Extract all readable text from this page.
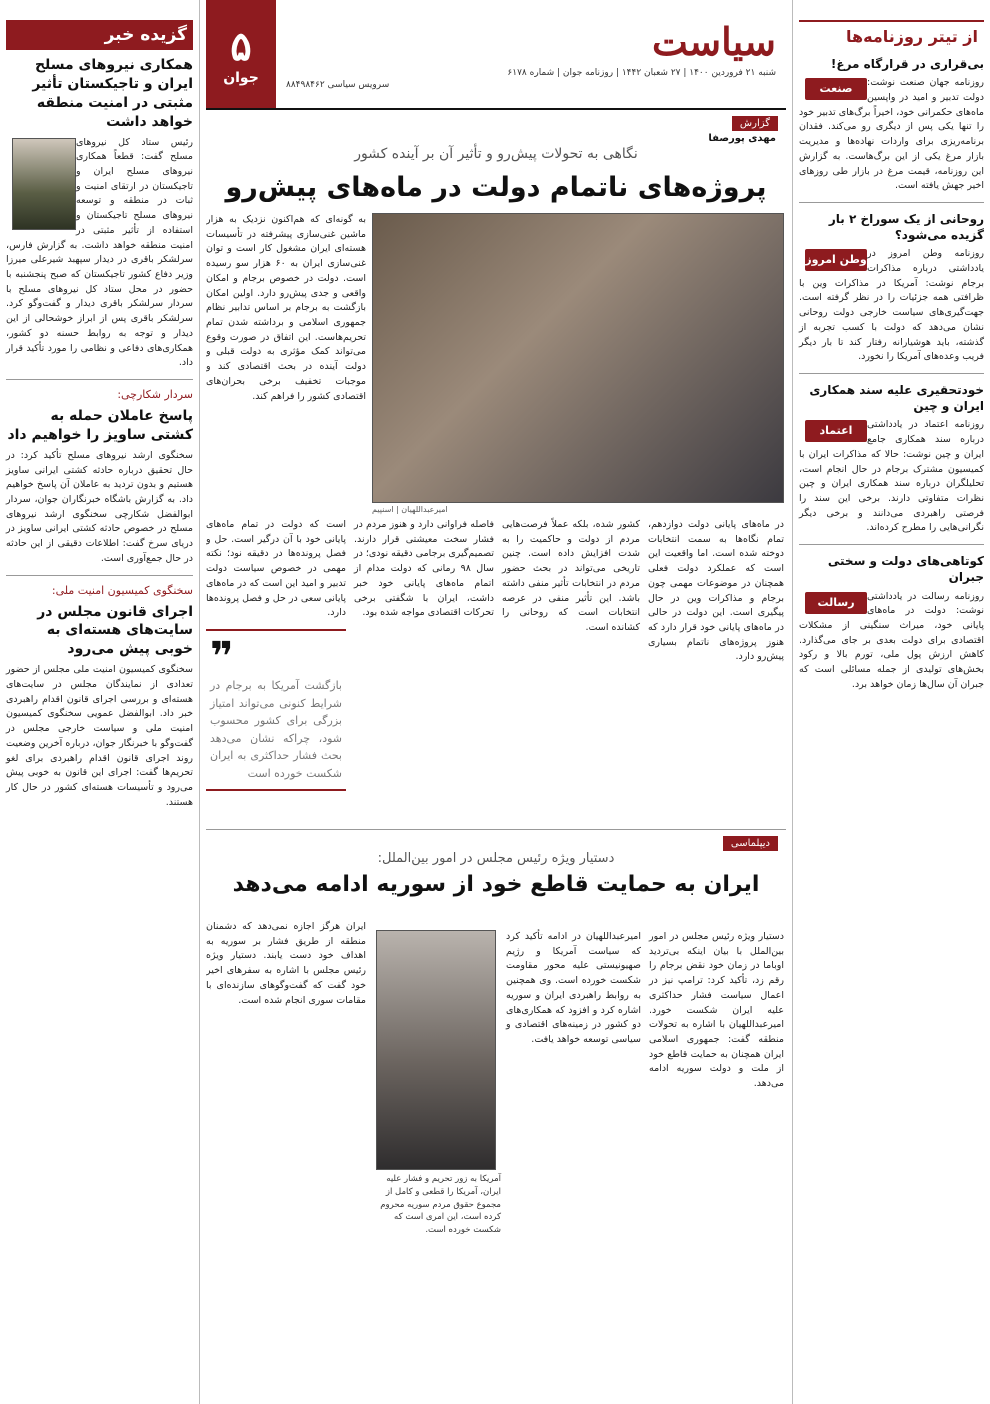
گزیده خبر
همکاری نیروهای مسلح ایران و تاجیکستان تأثیر مثبتی در امنیت منطقه خواهد داشت
رئیس ستاد کل نیروهای مسلح گفت: قطعاً همکاری نیروهای مسلح ایران و تاجیکستان در ارتقای امنیت و ثبات در منطقه و توسعه نیروهای مسلح تاجیکستان و استفاده از تأثیر مثبتی در امنیت منطقه خواهد داشت. به گزارش فارس، سرلشکر باقری در دیدار سپهبد شیرعلی میرزا وزیر دفاع کشور تاجیکستان که صبح پنجشنبه با حضور در محل ستاد کل نیروهای مسلح با سردار سرلشکر باقری دیدار و گفت‌وگو کرد. سرلشکر باقری پس از ابراز خوشحالی از این دیدار و توجه به روابط حسنه دو کشور، همکاری‌های دفاعی و نظامی را مورد تأکید قرار داد.
سردار شکارچی:
پاسخ عاملان حمله به کشتی ساویز را خواهیم داد
سخنگوی ارشد نیروهای مسلح تأکید کرد: در حال تحقیق درباره حادثه کشتی ایرانی ساویز هستیم و بدون تردید به عاملان آن پاسخ خواهیم داد. به گزارش باشگاه خبرنگاران جوان، سردار ابوالفضل شکارچی سخنگوی ارشد نیروهای مسلح در خصوص حادثه کشتی ایرانی ساویز در دریای سرخ گفت: اطلاعات دقیقی از این حادثه در حال جمع‌آوری است.
سخنگوی کمیسیون امنیت ملی:
اجرای قانون مجلس در سایت‌های هسته‌ای به خوبی پیش می‌رود
سخنگوی کمیسیون امنیت ملی مجلس از حضور تعدادی از نمایندگان مجلس در سایت‌های هسته‌ای و بررسی اجرای قانون اقدام راهبردی خبر داد. ابوالفضل عمویی سخنگوی کمیسیون امنیت ملی و سیاست خارجی مجلس در گفت‌وگو با خبرنگار جوان، درباره آخرین وضعیت روند اجرای قانون اقدام راهبردی برای لغو تحریم‌ها گفت: اجرای این قانون به خوبی پیش می‌رود و تأسیسات هسته‌ای کشور در حال کار هستند.
سیاست
شنبه ۲۱ فروردین ۱۴۰۰ | ۲۷ شعبان ۱۴۴۲ | روزنامه جوان | شماره ۶۱۷۸
سرویس سیاسی ۸۸۴۹۸۴۶۲
۵
جوان
گزارش
مهدی پورصفا
نگاهی به تحولات پیش‌رو و تأثیر آن بر آینده کشور
پروژه‌های ناتمام دولت در ماه‌های پیش‌رو
امیرعبداللهیان | اسنپیم
به گونه‌ای که هم‌اکنون نزدیک به هزار ماشین غنی‌سازی پیشرفته در تأسیسات هسته‌ای ایران مشغول کار است و توان غنی‌سازی ایران به ۶۰ هزار سو رسیده است. دولت در خصوص برجام و امکان واقعی و جدی پیش‌رو دارد. اولین امکان بازگشت به برجام بر اساس تدابیر نظام جمهوری اسلامی و برداشته شدن تمام تحریم‌هاست. این اتفاق در صورت وقوع می‌تواند کمک مؤثری به دولت قبلی و دولت آینده در بحث اقتصادی کند و موجبات تخفیف برخی بحران‌های اقتصادی کشور را فراهم کند.
در ماه‌های پایانی دولت دوازدهم، تمام نگاه‌ها به سمت انتخابات دوخته شده است. اما واقعیت این است که عملکرد دولت فعلی همچنان در موضوعات مهمی چون برجام و مذاکرات وین در حال پیگیری است. این دولت در حالی در ماه‌های پایانی خود قرار دارد که هنوز پروژه‌های ناتمام بسیاری پیش‌رو دارد.
کشور شده، بلکه عملاً فرصت‌هایی مردم از دولت و حاکمیت را به شدت افزایش داده است. چنین تاریخی می‌تواند در بحث حضور مردم در انتخابات تأثیر منفی داشته باشد. این تأثیر منفی در عرصه انتخابات است که روحانی را کشانده است.
فاصله فراوانی دارد و هنوز مردم در فشار سخت معیشتی قرار دارند. تصمیم‌گیری برجامی دقیقه نودی؛ در سال ۹۸ رمانی که دولت مدام از اتمام ماه‌های پایانی خود خبر داشت، ایران با شگفتی برخی تحرکات اقتصادی مواجه شده بود.
است که دولت در تمام ماه‌های پایانی خود با آن درگیر است. حل و فصل پرونده‌ها در دقیقه نود؛ نکته مهمی در خصوص سیاست دولت تدبیر و امید این است که در ماه‌های پایانی سعی در حل و فصل پرونده‌ها دارد.
❞
بازگشت آمریکا به برجام در شرایط کنونی می‌تواند امتیاز بزرگی برای کشور محسوب شود، چراکه نشان می‌دهد بحث فشار حداکثری به ایران شکست خورده است
دیپلماسی
دستیار ویژه رئیس مجلس در امور بین‌الملل:
ایران به حمایت قاطع خود از سوریه ادامه می‌دهد
آمریکا به زور تحریم و فشار علیه ایران، آمریکا را قطعی و کامل از مجموع حقوق مردم سوریه محروم کرده است، این امری است که شکست خورده است.
دستیار ویژه رئیس مجلس در امور بین‌الملل با بیان اینکه بی‌تردید اوباما در زمان خود نقض برجام را رقم زد، تأکید کرد: ترامپ نیز در اعمال سیاست فشار حداکثری علیه ایران شکست خورد. امیرعبداللهیان با اشاره به تحولات منطقه گفت: جمهوری اسلامی ایران همچنان به حمایت قاطع خود از ملت و دولت سوریه ادامه می‌دهد.
امیرعبداللهیان در ادامه تأکید کرد که سیاست آمریکا و رژیم صهیونیستی علیه محور مقاومت شکست خورده است. وی همچنین به روابط راهبردی ایران و سوریه اشاره کرد و افزود که همکاری‌های دو کشور در زمینه‌های اقتصادی و سیاسی توسعه خواهد یافت.
ایران هرگز اجازه نمی‌دهد که دشمنان منطقه از طریق فشار بر سوریه به اهداف خود دست یابند. دستیار ویژه رئیس مجلس با اشاره به سفرهای اخیر خود گفت که گفت‌وگوهای سازنده‌ای با مقامات سوری انجام شده است.
از تیتر روزنامه‌ها
بی‌قراری در قرارگاه مرغ!
صنعت	روزنامه جهان صنعت نوشت: دولت تدبیر و امید در واپسین ماه‌های حکمرانی خود، اخیراً برگ‌های تدبیر خود را تنها یکی پس از دیگری رو می‌کند. فقدان برنامه‌ریزی برای واردات نهاده‌ها و مدیریت بازار مرغ یکی از این برگ‌هاست. به گزارش این روزنامه، قیمت مرغ در بازار طی روزهای اخیر جهش یافته است.
روحانی از یک سوراخ ۲ بار گزیده می‌شود؟
وطن امروز روزنامه وطن امروز در یادداشتی درباره مذاکرات برجام نوشت: آمریکا در مذاکرات وین با ظرافتی همه جزئیات را در نظر گرفته است. جهت‌گیری‌های سیاست خارجی دولت روحانی نشان می‌دهد که دولت با کسب تجربه از گذشته، باید هوشیارانه رفتار کند تا بار دیگر فریب وعده‌های آمریکا را نخورد.
خودتحقیری علیه سند همکاری ایران و چین
اعتماد	روزنامه اعتماد در یادداشتی درباره سند همکاری جامع ایران و چین نوشت: حالا که مذاکرات ایران با کمیسیون مشترک برجام در حال انجام است، تحلیلگران درباره سند همکاری ایران و چین نظرات متفاوتی دارند. برخی این سند را فرصتی راهبردی می‌دانند و برخی دیگر نگرانی‌هایی را مطرح کرده‌اند.
کوتاهی‌های دولت و سختی جبران
رسالت	روزنامه رسالت در یادداشتی نوشت: دولت در ماه‌های پایانی خود، میراث سنگینی از مشکلات اقتصادی برای دولت بعدی بر جای می‌گذارد. کاهش ارزش پول ملی، تورم بالا و رکود بخش‌های تولیدی از جمله مسائلی است که جبران آن سال‌ها زمان خواهد برد.
